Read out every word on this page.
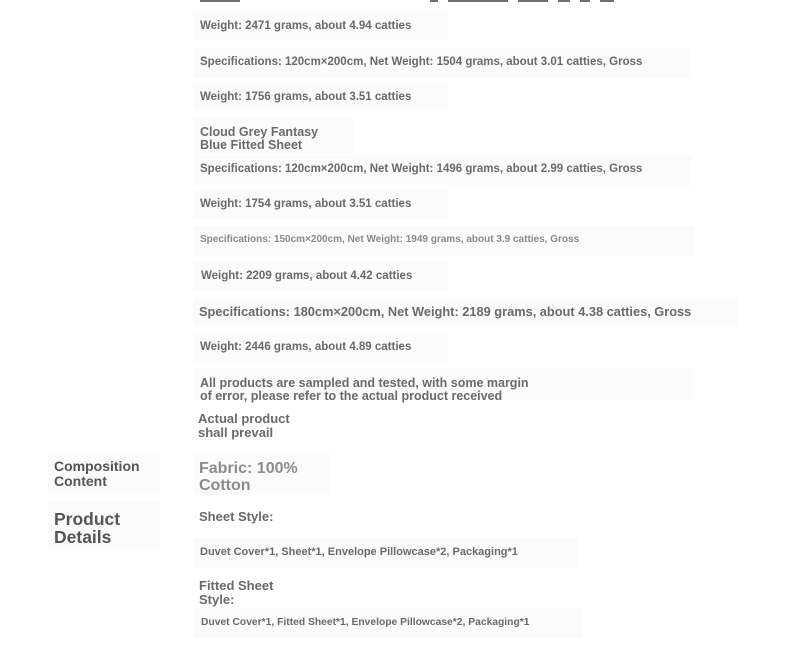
Weight: 2471 grams, about 4.94 catties
Specifications: 120cm×200cm, Net Weight: 1504 grams, about 3.01 catties, Gross
Weight: 1756 grams, about 3.51 catties
Cloud Grey Fantasy
Blue Fitted Sheet
Specifications: 120cm×200cm, Net Weight: 1496 grams, about 2.99 catties, Gross
Weight: 1754 grams, about 3.51 catties
Specifications: 150cm×200cm, Net Weight: 1949 grams, about 3.9 catties, Gross
Weight: 2209 grams, about 4.42 catties
Specifications: 180cm×200cm, Net Weight: 2189 grams, about 4.38 catties, Gross
Weight: 2446 grams, about 4.89 catties
All products are sampled and tested, with some margin
of error, please refer to the actual product received
Actual product
shall prevail
Composition
Content
Fabric: 100%
Cotton
Product
Details
Sheet Style:
Duvet Cover*1, Sheet*1, Envelope Pillowcase*2, Packaging*1
Fitted Sheet
Style:
Duvet Cover*1, Fitted Sheet*1, Envelope Pillowcase*2, Packaging*1
